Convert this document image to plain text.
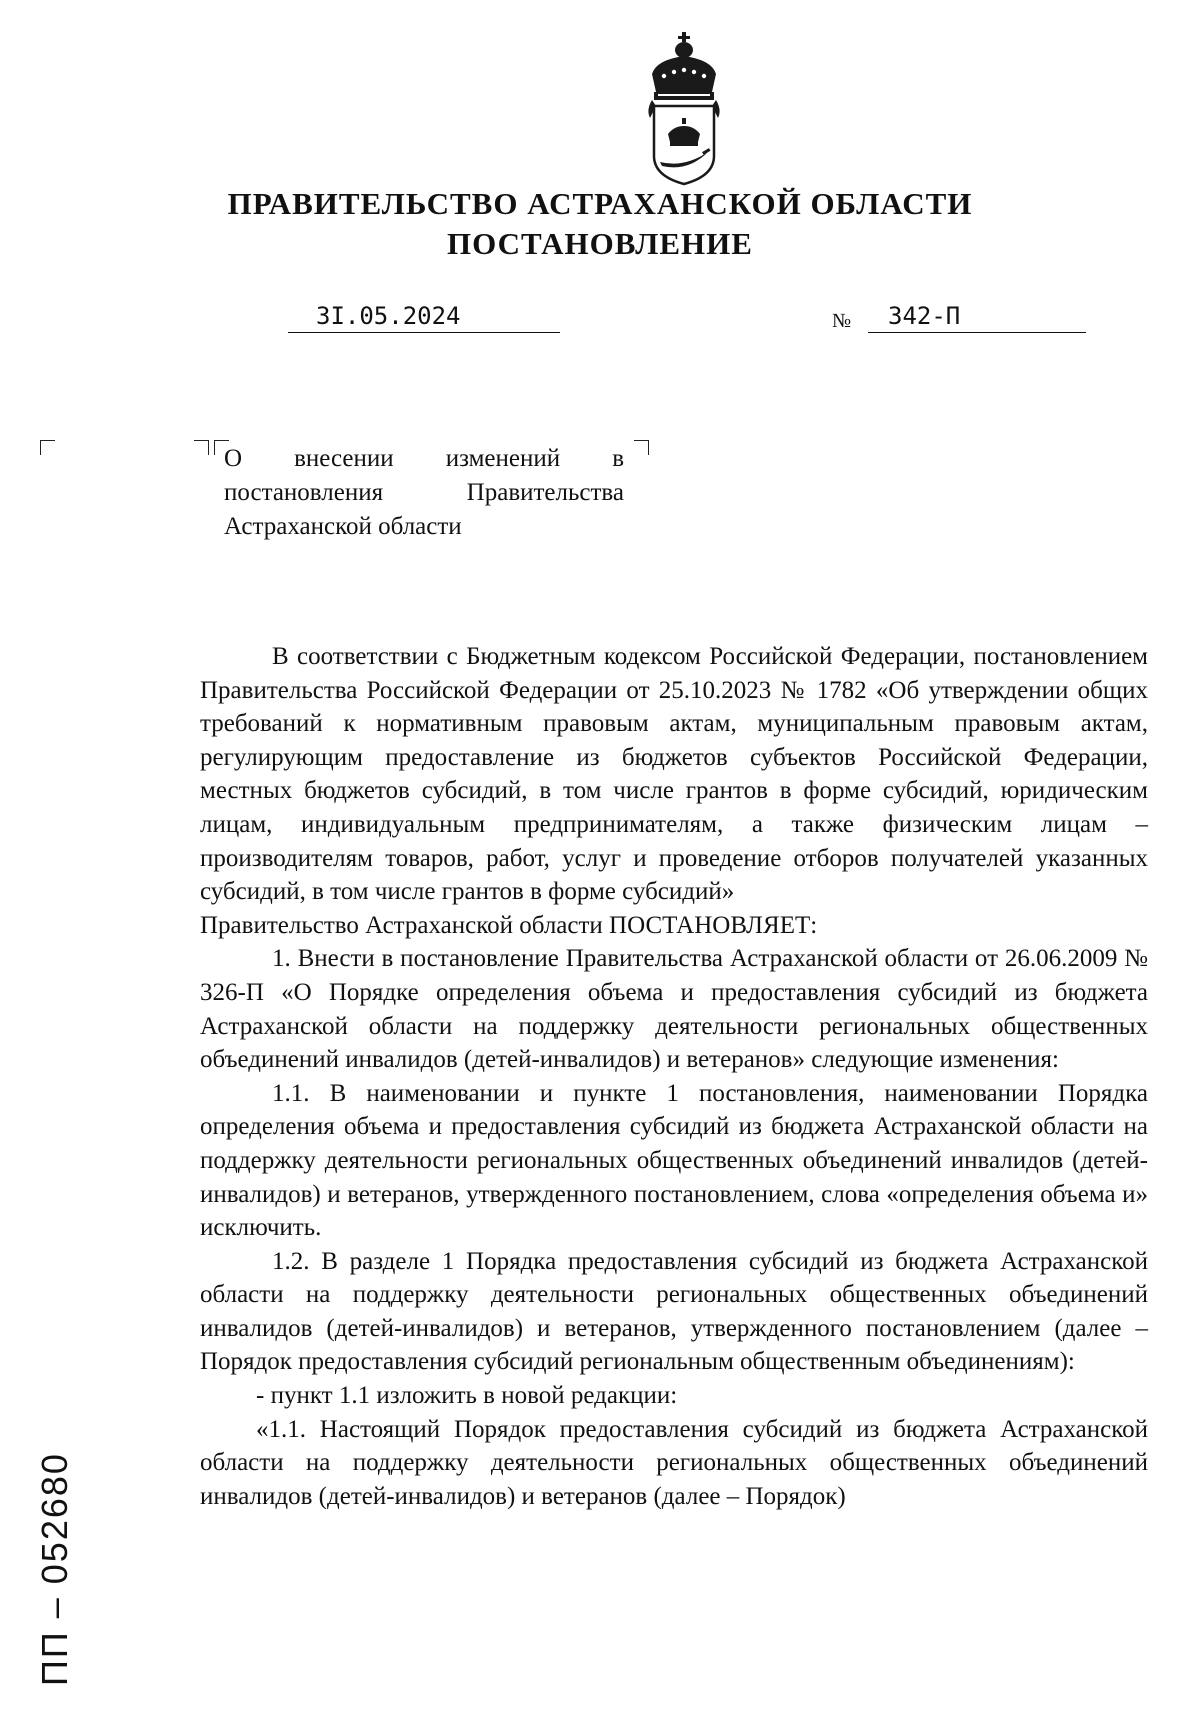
ПРАВИТЕЛЬСТВО АСТРАХАНСКОЙ ОБЛАСТИ
ПОСТАНОВЛЕНИЕ
3I.05.2024	№ 342-П

О внесении изменений в постановления Правительства Астраханской области

В соответствии с Бюджетным кодексом Российской Федерации, постановлением Правительства Российской Федерации от 25.10.2023 № 1782 «Об утверждении общих требований к нормативным правовым актам, муниципальным правовым актам, регулирующим предоставление из бюджетов субъектов Российской Федерации, местных бюджетов субсидий, в том числе грантов в форме субсидий, юридическим лицам, индивидуальным предпринимателям, а также физическим лицам – производителям товаров, работ, услуг и проведение отборов получателей указанных субсидий, в том числе грантов в форме субсидий»

Правительство Астраханской области ПОСТАНОВЛЯЕТ:

1. Внести в постановление Правительства Астраханской области от 26.06.2009 № 326-П «О Порядке определения объема и предоставления субсидий из бюджета Астраханской области на поддержку деятельности региональных общественных объединений инвалидов (детей-инвалидов) и ветеранов» следующие изменения:

1.1. В наименовании и пункте 1 постановления, наименовании Порядка определения объема и предоставления субсидий из бюджета Астраханской области на поддержку деятельности региональных общественных объединений инвалидов (детей-инвалидов) и ветеранов, утвержденного постановлением, слова «определения объема и» исключить.

1.2. В разделе 1 Порядка предоставления субсидий из бюджета Астраханской области на поддержку деятельности региональных общественных объединений инвалидов (детей-инвалидов) и ветеранов, утвержденного постановлением (далее – Порядок предоставления субсидий региональным общественным объединениям):

- пункт 1.1 изложить в новой редакции:

«1.1. Настоящий Порядок предоставления субсидий из бюджета Астраханской области на поддержку деятельности региональных общественных объединений инвалидов (детей-инвалидов) и ветеранов (далее – Порядок)

ПП – 052680
